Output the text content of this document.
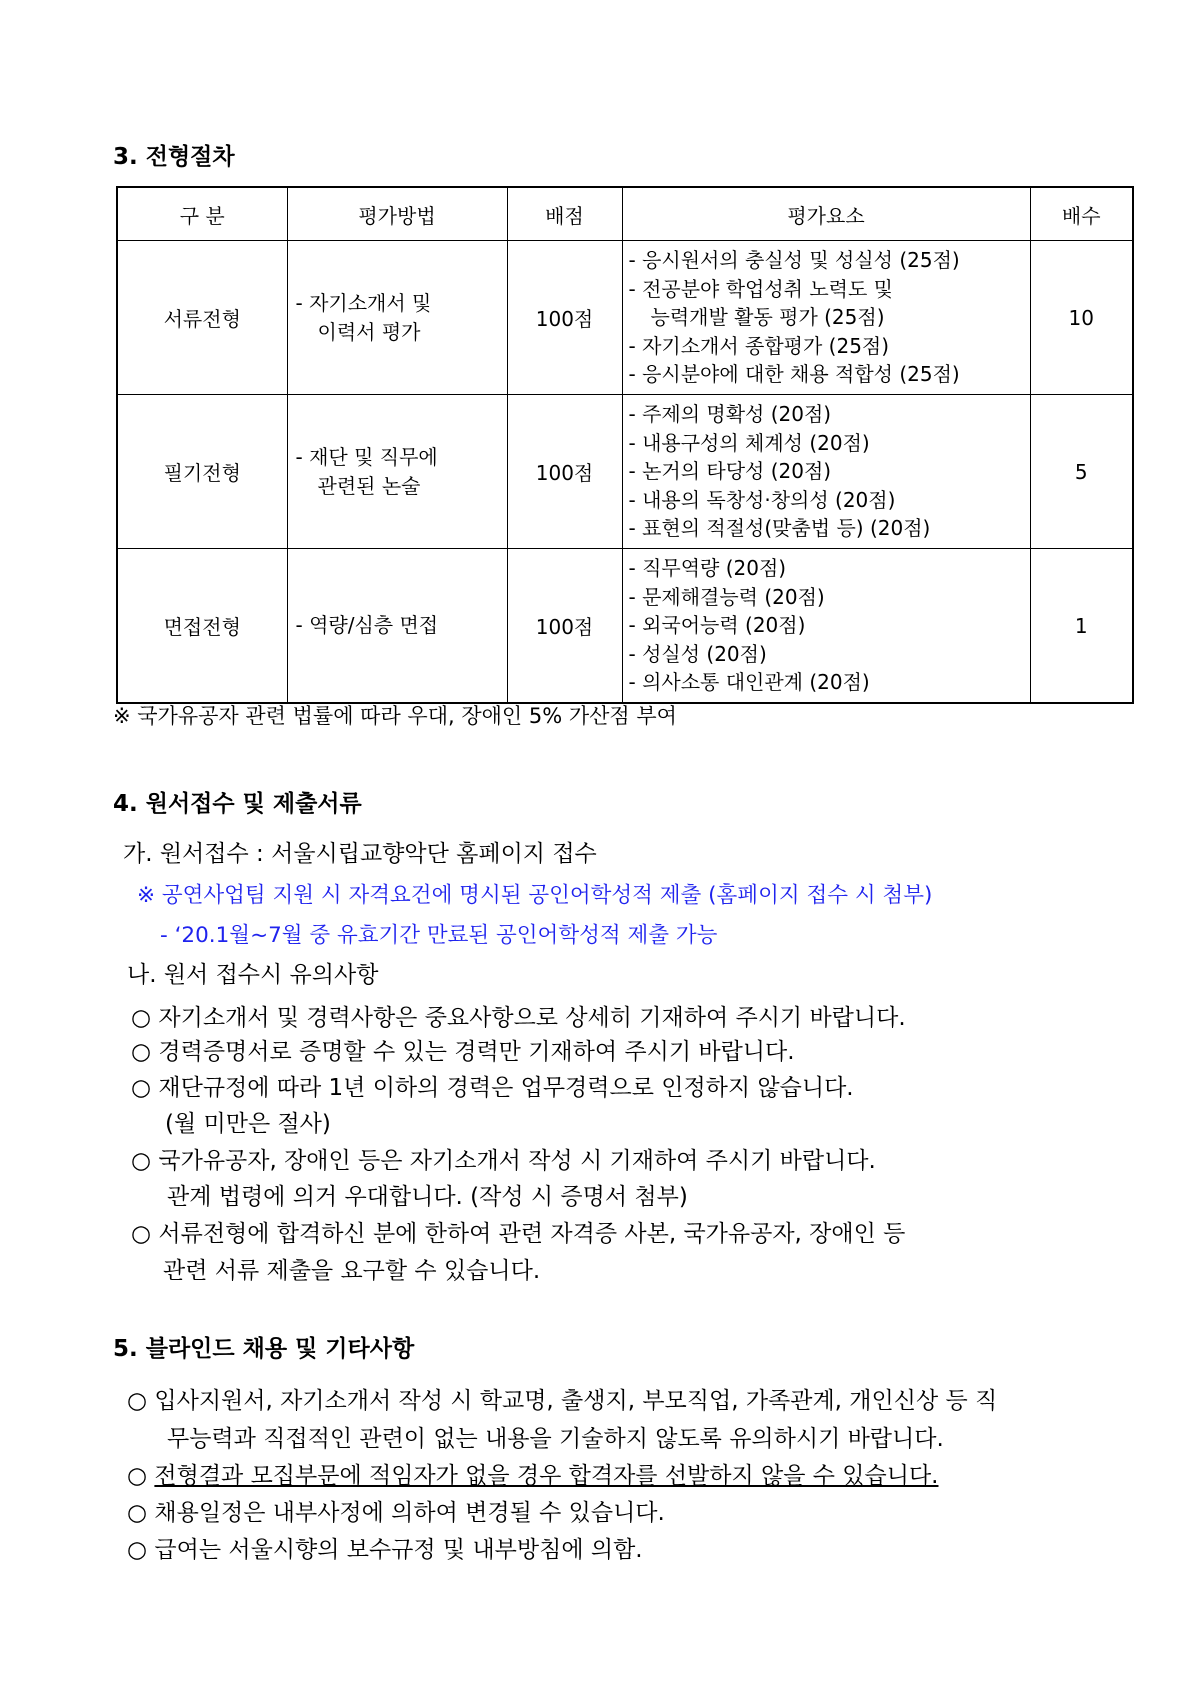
3. 전형절차
구 분	평가방법	배점	평가요소	배수
서류전형	- 자기소개서 및
이력서 평가	100점	- 응시원서의 충실성 및 성실성 (25점)
- 전공분야 학업성취 노력도 및
능력개발 활동 평가 (25점)
- 자기소개서 종합평가 (25점)
- 응시분야에 대한 채용 적합성 (25점)	10
필기전형	- 재단 및 직무에
관련된 논술	100점	- 주제의 명확성 (20점)
- 내용구성의 체계성 (20점)
- 논거의 타당성 (20점)
- 내용의 독창성·창의성 (20점)
- 표현의 적절성(맞춤법 등) (20점)	5
면접전형	- 역량/심층 면접	100점	- 직무역량 (20점)
- 문제해결능력 (20점)
- 외국어능력 (20점)
- 성실성 (20점)
- 의사소통 대인관계 (20점)	1

※ 국가유공자 관련 법률에 따라 우대, 장애인 5% 가산점 부여

4. 원서접수 및 제출서류

가. 원서접수 : 서울시립교향악단 홈페이지 접수

※ 공연사업팀 지원 시 자격요건에 명시된 공인어학성적 제출 (홈페이지 접수 시 첨부)

- ‘20.1월~7월 중 유효기간 만료된 공인어학성적 제출 가능

나. 원서 접수시 유의사항

○ 자기소개서 및 경력사항은 중요사항으로 상세히 기재하여 주시기 바랍니다.

○ 경력증명서로 증명할 수 있는 경력만 기재하여 주시기 바랍니다.

○ 재단규정에 따라 1년 이하의 경력은 업무경력으로 인정하지 않습니다.

(월 미만은 절사)

○ 국가유공자, 장애인 등은 자기소개서 작성 시 기재하여 주시기 바랍니다.

관계 법령에 의거 우대합니다. (작성 시 증명서 첨부)

○ 서류전형에 합격하신 분에 한하여 관련 자격증 사본, 국가유공자, 장애인 등

관련 서류 제출을 요구할 수 있습니다.

5. 블라인드 채용 및 기타사항

○ 입사지원서, 자기소개서 작성 시 학교명, 출생지, 부모직업, 가족관계, 개인신상 등 직

무능력과 직접적인 관련이 없는 내용을 기술하지 않도록 유의하시기 바랍니다.

○ 전형결과 모집부문에 적임자가 없을 경우 합격자를 선발하지 않을 수 있습니다.

○ 채용일정은 내부사정에 의하여 변경될 수 있습니다.

○ 급여는 서울시향의 보수규정 및 내부방침에 의함.
